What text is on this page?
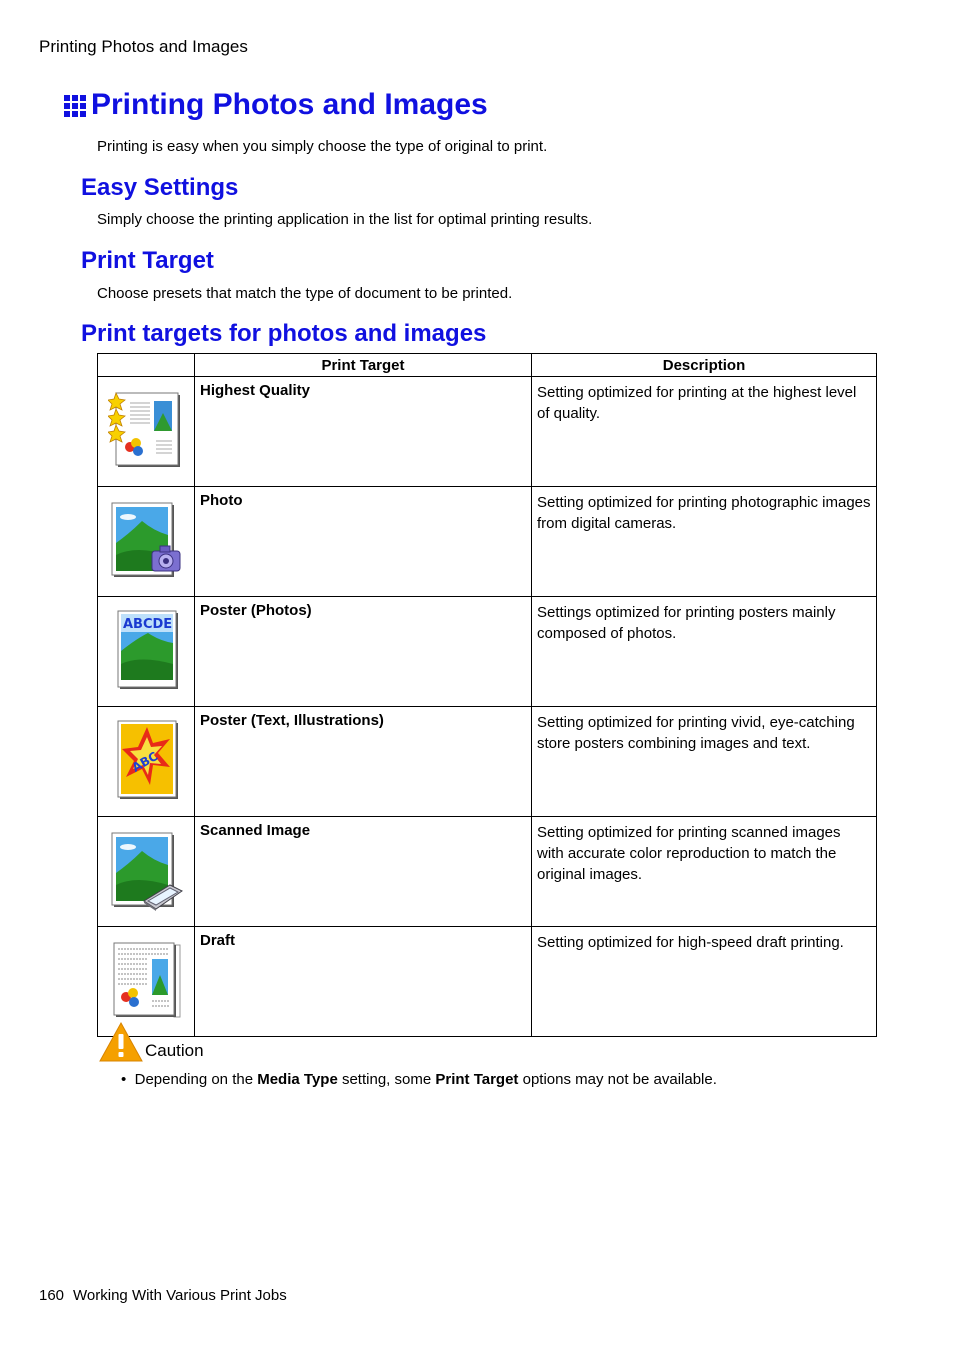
Printing Photos and Images
Printing Photos and Images
Printing is easy when you simply choose the type of original to print.
Easy Settings
Simply choose the printing application in the list for optimal printing results.
Print Target
Choose presets that match the type of document to be printed.
Print targets for photos and images
	Print Target	Description
	Highest Quality	Setting optimized for printing at the highest level of quality.
	Photo	Setting optimized for printing photographic images from digital cameras.

ABCDE	Poster (Photos)	Settings optimized for printing posters mainly composed of photos.

ABC	Poster (Text, Illustrations)	Setting optimized for printing vivid, eye-catching store posters combining images and text.
	Scanned Image	Setting optimized for printing scanned images with accurate color reproduction to match the original images.
	Draft	Setting optimized for high-speed draft printing.
Caution
• Depending on the Media Type setting, some Print Target options may not be available.
160 Working With Various Print Jobs
